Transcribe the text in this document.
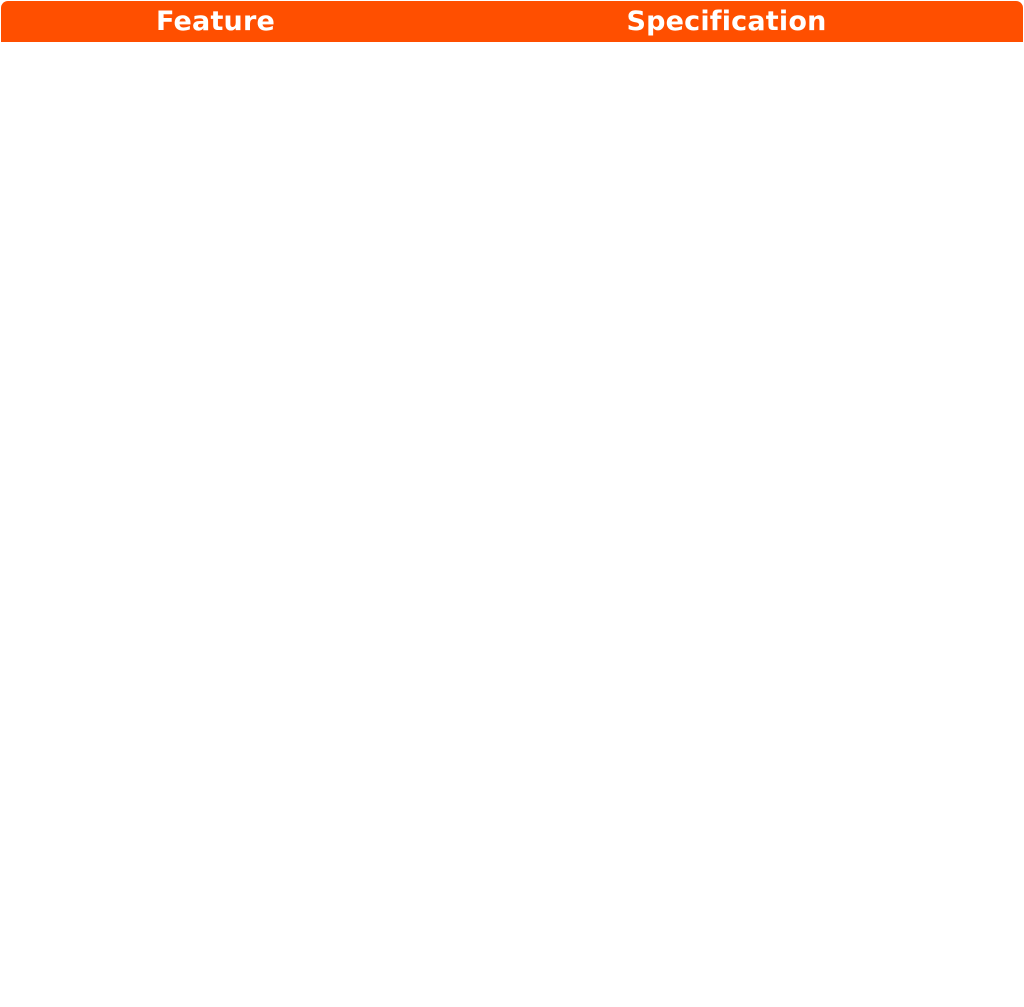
Feature	Specification
